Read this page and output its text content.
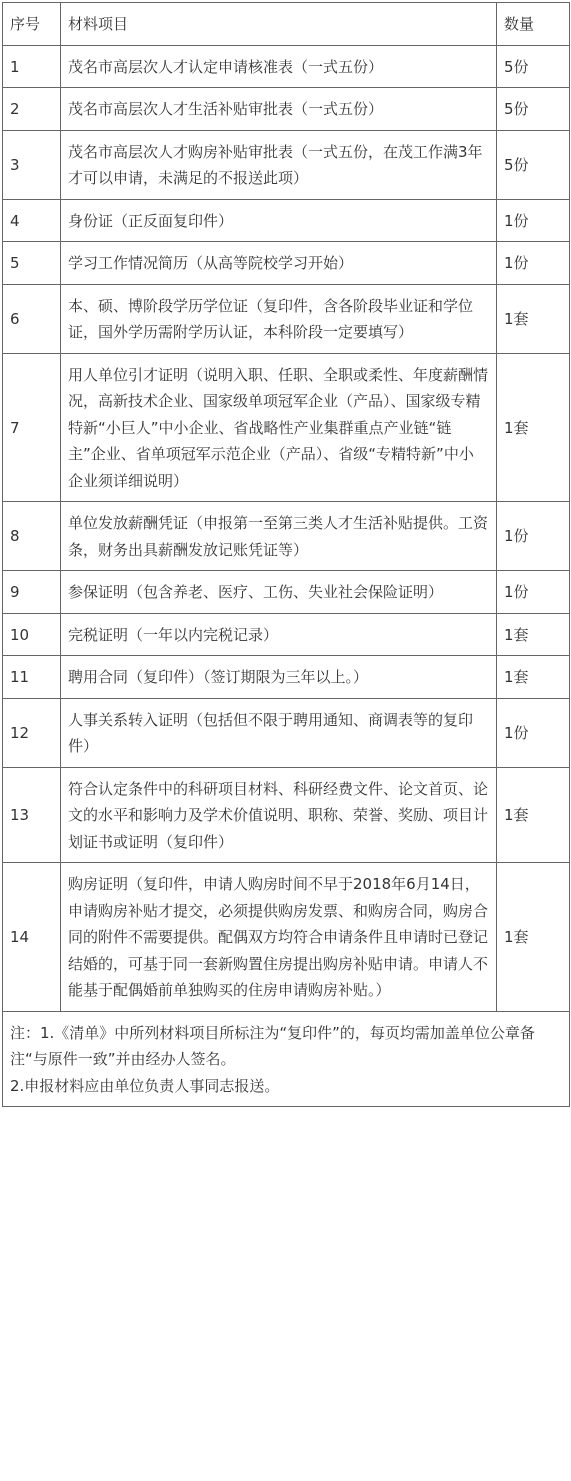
序号	材料项目	数量
1	茂名市高层次人才认定申请核准表（一式五份）	5份
2	茂名市高层次人才生活补贴审批表（一式五份）	5份
3	茂名市高层次人才购房补贴审批表（一式五份，在茂工作满3年才可以申请，未满足的不报送此项）	5份
4	身份证（正反面复印件）	1份
5	学习工作情况简历（从高等院校学习开始）	1份
6	本、硕、博阶段学历学位证（复印件，含各阶段毕业证和学位证，国外学历需附学历认证，本科阶段一定要填写）	1套
7	用人单位引才证明（说明入职、任职、全职或柔性、年度薪酬情况，高新技术企业、国家级单项冠军企业（产品）、国家级专精特新“小巨人”中小企业、省战略性产业集群重点产业链“链主”企业、省单项冠军示范企业（产品）、省级“专精特新”中小企业须详细说明）	1套
8	单位发放薪酬凭证（申报第一至第三类人才生活补贴提供。工资条，财务出具薪酬发放记账凭证等）	1份
9	参保证明（包含养老、医疗、工伤、失业社会保险证明）	1份
10	完税证明（一年以内完税记录）	1套
11	聘用合同（复印件）（签订期限为三年以上。）	1套
12	人事关系转入证明（包括但不限于聘用通知、商调表等的复印件）	1份
13	符合认定条件中的科研项目材料、科研经费文件、论文首页、论文的水平和影响力及学术价值说明、职称、荣誉、奖励、项目计划证书或证明（复印件）	1套
14	购房证明（复印件，申请人购房时间不早于2018年6月14日，申请购房补贴才提交，必须提供购房发票、和购房合同，购房合同的附件不需要提供。配偶双方均符合申请条件且申请时已登记结婚的，可基于同一套新购置住房提出购房补贴申请。申请人不能基于配偶婚前单独购买的住房申请购房补贴。）	1套

注：1.《清单》中所列材料项目所标注为“复印件”的，每页均需加盖单位公章备注“与原件一致”并由经办人签名。
2.申报材料应由单位负责人事同志报送。		
